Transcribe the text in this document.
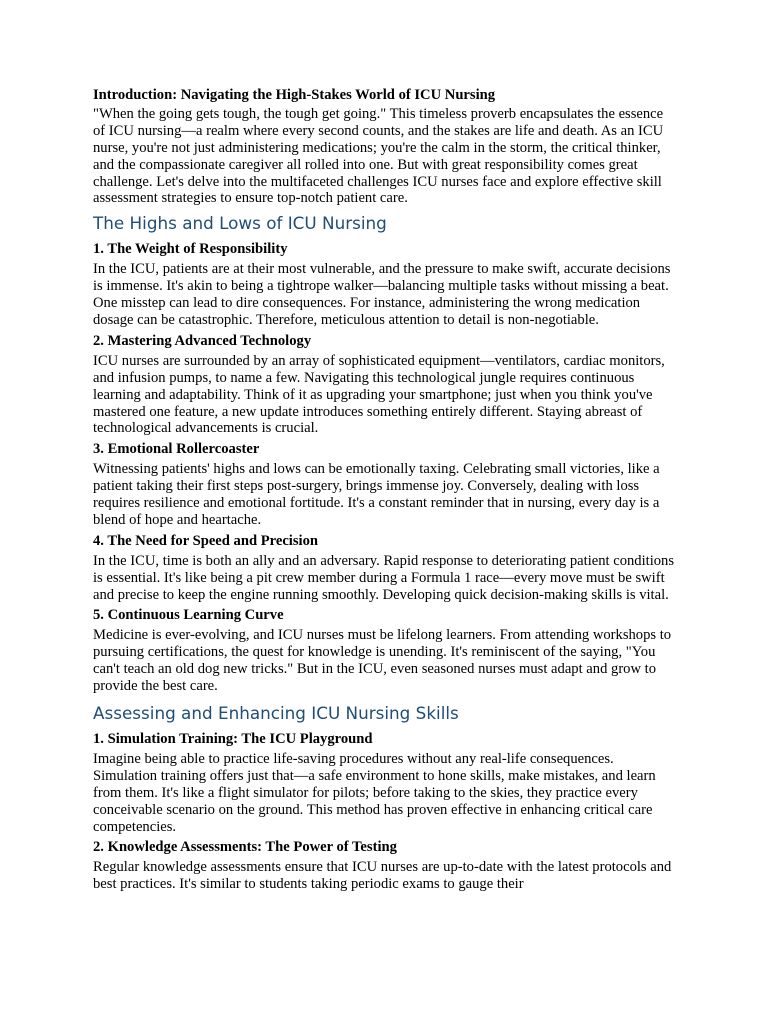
Introduction: Navigating the High-Stakes World of ICU Nursing

"When the going gets tough, the tough get going." This timeless proverb encapsulates the essence of ICU nursing—a realm where every second counts, and the stakes are life and death. As an ICU nurse, you're not just administering medications; you're the calm in the storm, the critical thinker, and the compassionate caregiver all rolled into one. But with great responsibility comes great challenge. Let's delve into the multifaceted challenges ICU nurses face and explore effective skill assessment strategies to ensure top-notch patient care.

The Highs and Lows of ICU Nursing

1. The Weight of Responsibility

In the ICU, patients are at their most vulnerable, and the pressure to make swift, accurate decisions is immense. It's akin to being a tightrope walker—balancing multiple tasks without missing a beat. One misstep can lead to dire consequences. For instance, administering the wrong medication dosage can be catastrophic. Therefore, meticulous attention to detail is non-negotiable.

2. Mastering Advanced Technology

ICU nurses are surrounded by an array of sophisticated equipment—ventilators, cardiac monitors, and infusion pumps, to name a few. Navigating this technological jungle requires continuous learning and adaptability. Think of it as upgrading your smartphone; just when you think you've mastered one feature, a new update introduces something entirely different. Staying abreast of technological advancements is crucial.

3. Emotional Rollercoaster

Witnessing patients' highs and lows can be emotionally taxing. Celebrating small victories, like a patient taking their first steps post-surgery, brings immense joy. Conversely, dealing with loss requires resilience and emotional fortitude. It's a constant reminder that in nursing, every day is a blend of hope and heartache.

4. The Need for Speed and Precision

In the ICU, time is both an ally and an adversary. Rapid response to deteriorating patient conditions is essential. It's like being a pit crew member during a Formula 1 race—every move must be swift and precise to keep the engine running smoothly. Developing quick decision-making skills is vital.

5. Continuous Learning Curve

Medicine is ever-evolving, and ICU nurses must be lifelong learners. From attending workshops to pursuing certifications, the quest for knowledge is unending. It's reminiscent of the saying, "You can't teach an old dog new tricks." But in the ICU, even seasoned nurses must adapt and grow to provide the best care.

Assessing and Enhancing ICU Nursing Skills

1. Simulation Training: The ICU Playground

Imagine being able to practice life-saving procedures without any real-life consequences. Simulation training offers just that—a safe environment to hone skills, make mistakes, and learn from them. It's like a flight simulator for pilots; before taking to the skies, they practice every conceivable scenario on the ground. This method has proven effective in enhancing critical care competencies.

2. Knowledge Assessments: The Power of Testing

Regular knowledge assessments ensure that ICU nurses are up-to-date with the latest protocols and best practices. It's similar to students taking periodic exams to gauge their
